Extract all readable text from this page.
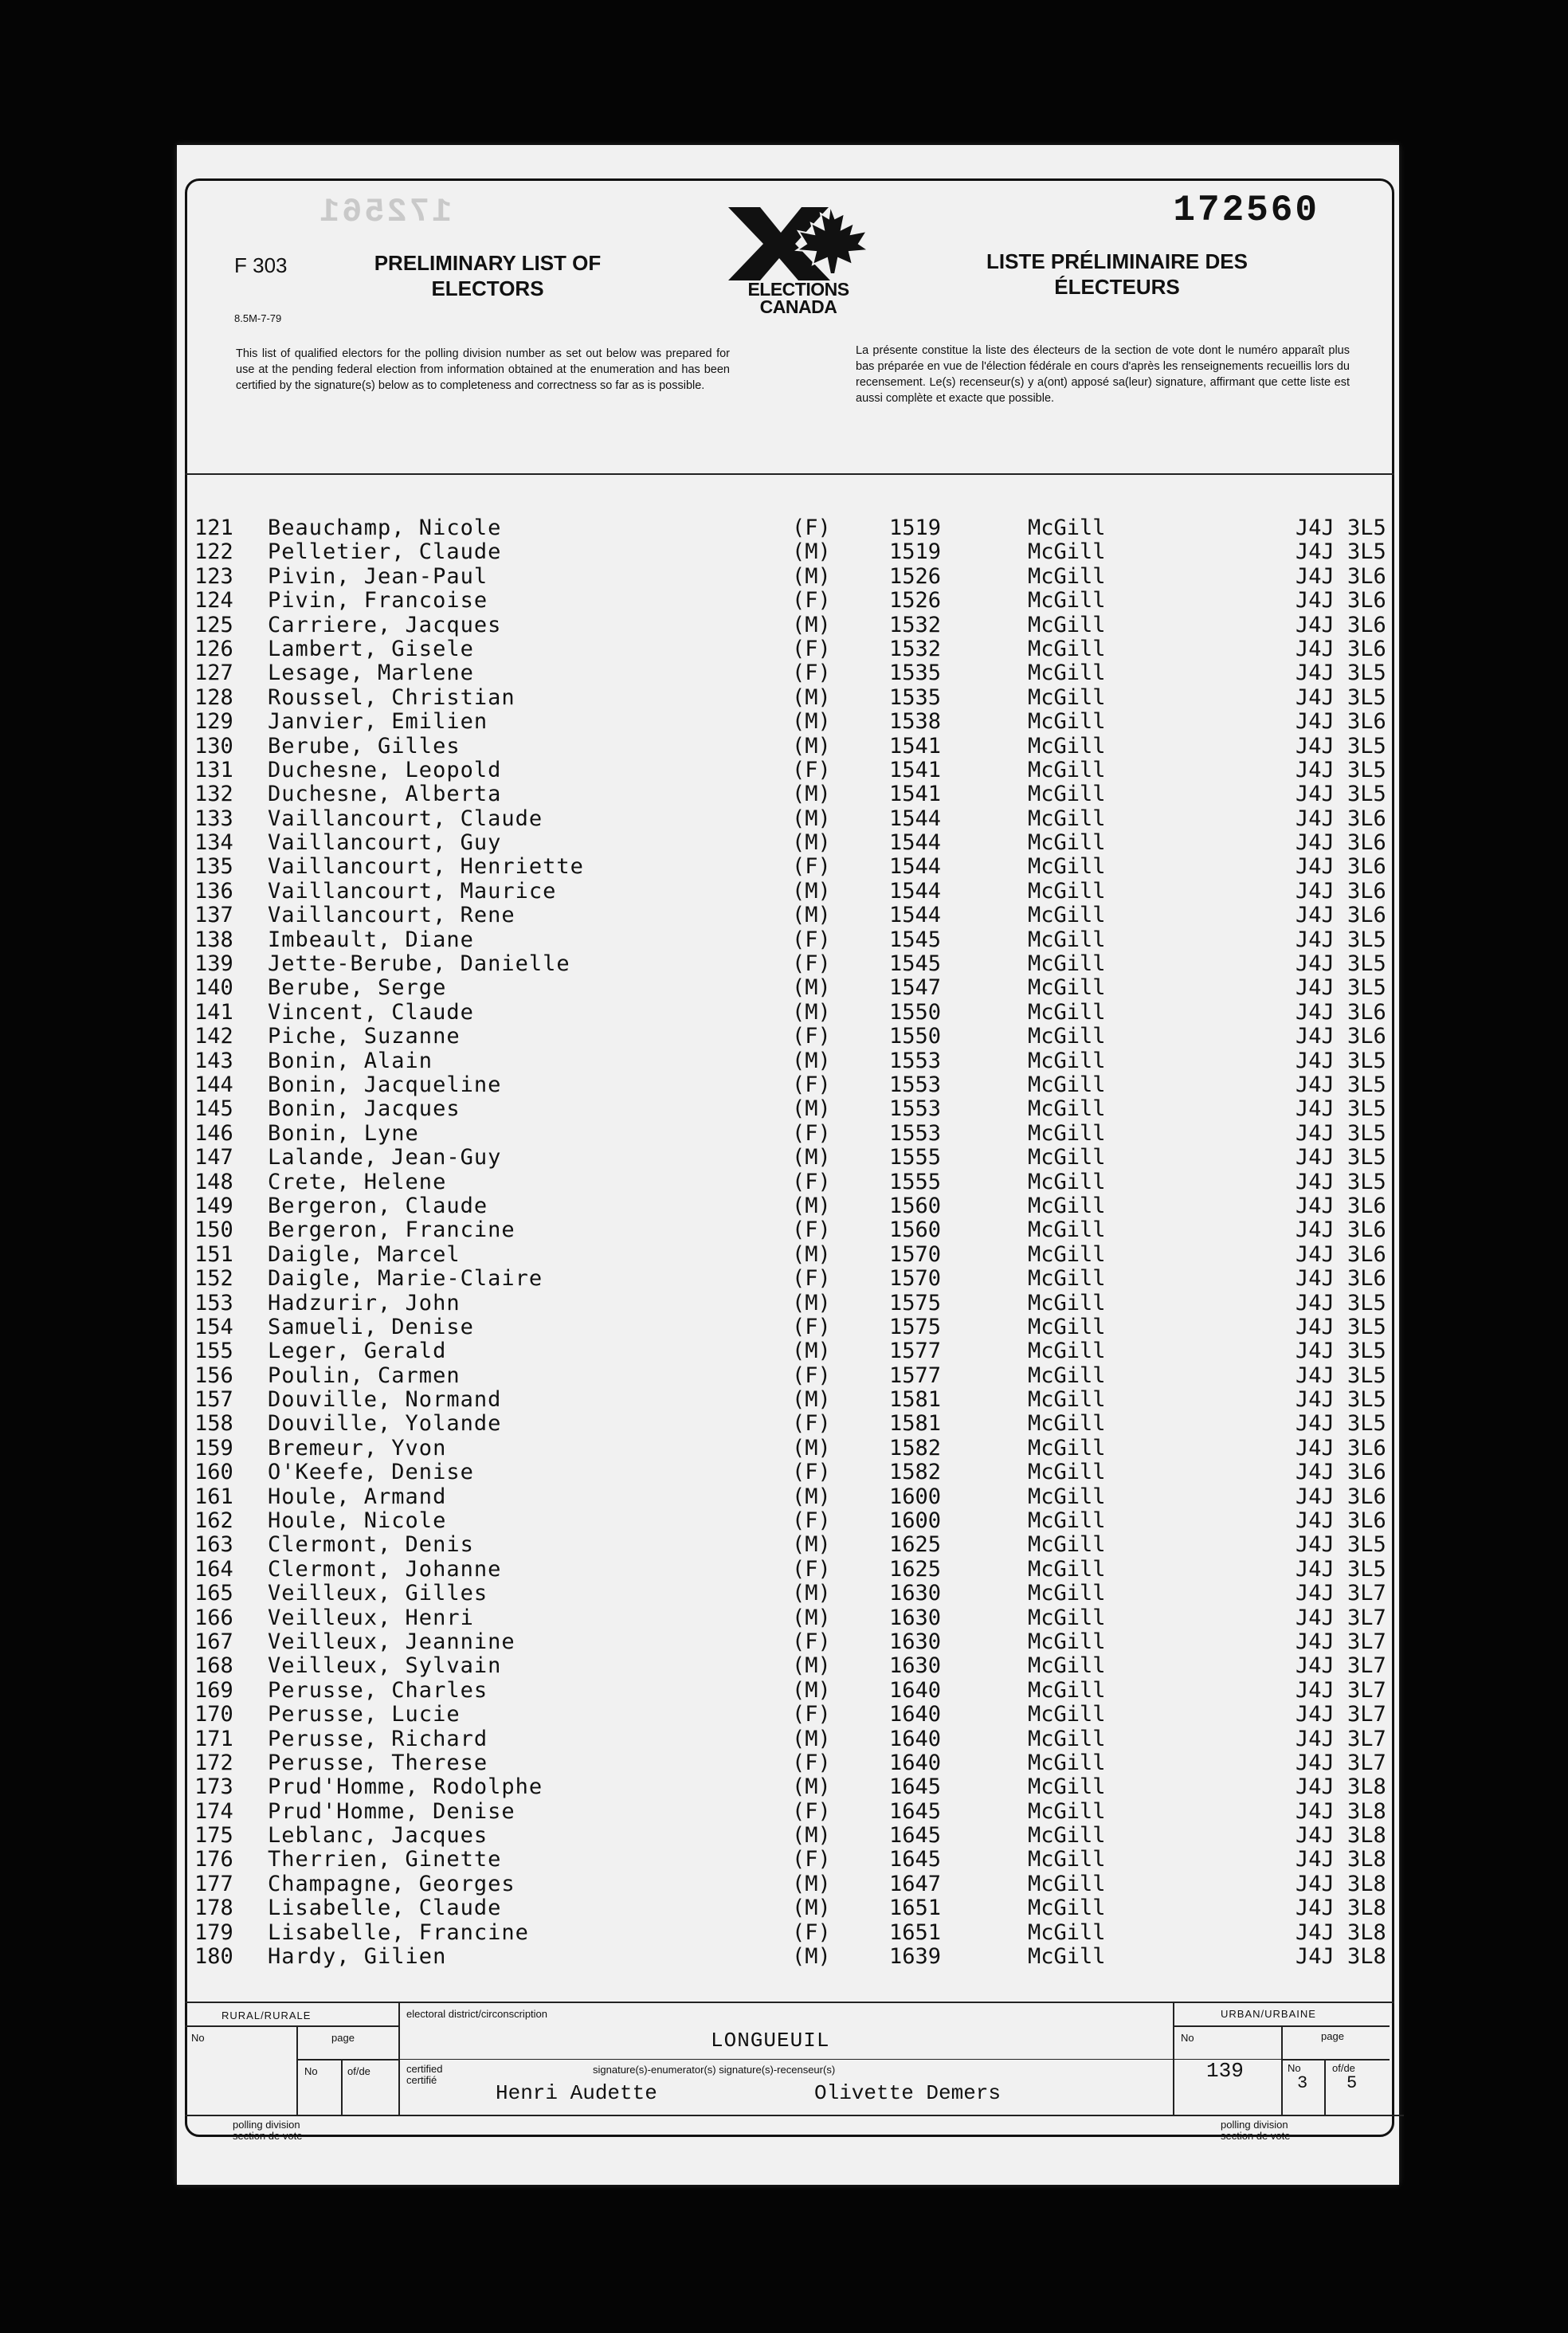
172561	172560
F 303
8.5M-7-79
PRELIMINARY LIST OF ELECTORS
LISTE PRÉLIMINAIRE DES ÉLECTEURS
ELECTIONS
CANADA
This list of qualified electors for the polling division number as set out below was prepared for use at the pending federal election from information obtained at the enumeration and has been certified by the signature(s) below as to completeness and correctness so far as is possible.
La présente constitue la liste des électeurs de la section de vote dont le numéro apparaît plus bas préparée en vue de l'élection fédérale en cours d'après les renseignements recueillis lors du recensement. Le(s) recenseur(s) y a(ont) apposé sa(leur) signature, affirmant que cette liste est aussi complète et exacte que possible.
121 Beauchamp, Nicole	(F)	1519	McGill	J4J 3L5
122 Pelletier, Claude	(M)	1519	McGill	J4J 3L5
123 Pivin, Jean-Paul	(M)	1526	McGill	J4J 3L6
124 Pivin, Francoise	(F)	1526	McGill	J4J 3L6
125 Carriere, Jacques	(M)	1532	McGill	J4J 3L6
126 Lambert, Gisele	(F)	1532	McGill	J4J 3L6
127 Lesage, Marlene	(F)	1535	McGill	J4J 3L5
128 Roussel, Christian	(M)	1535	McGill	J4J 3L5
129 Janvier, Emilien	(M)	1538	McGill	J4J 3L6
130 Berube, Gilles	(M)	1541	McGill	J4J 3L5
131 Duchesne, Leopold	(F)	1541	McGill	J4J 3L5
132 Duchesne, Alberta	(M)	1541	McGill	J4J 3L5
133 Vaillancourt, Claude	(M)	1544	McGill	J4J 3L6
134 Vaillancourt, Guy	(M)	1544	McGill	J4J 3L6
135 Vaillancourt, Henriette	(F)	1544	McGill	J4J 3L6
136 Vaillancourt, Maurice	(M)	1544	McGill	J4J 3L6
137 Vaillancourt, Rene	(M)	1544	McGill	J4J 3L6
138 Imbeault, Diane	(F)	1545	McGill	J4J 3L5
139 Jette-Berube, Danielle	(F)	1545	McGill	J4J 3L5
140 Berube, Serge	(M)	1547	McGill	J4J 3L5
141 Vincent, Claude	(M)	1550	McGill	J4J 3L6
142 Piche, Suzanne	(F)	1550	McGill	J4J 3L6
143 Bonin, Alain	(M)	1553	McGill	J4J 3L5
144 Bonin, Jacqueline	(F)	1553	McGill	J4J 3L5
145 Bonin, Jacques	(M)	1553	McGill	J4J 3L5
146 Bonin, Lyne	(F)	1553	McGill	J4J 3L5
147 Lalande, Jean-Guy	(M)	1555	McGill	J4J 3L5
148 Crete, Helene	(F)	1555	McGill	J4J 3L5
149 Bergeron, Claude	(M)	1560	McGill	J4J 3L6
150 Bergeron, Francine	(F)	1560	McGill	J4J 3L6
151 Daigle, Marcel	(M)	1570	McGill	J4J 3L6
152 Daigle, Marie-Claire	(F)	1570	McGill	J4J 3L6
153 Hadzurir, John	(M)	1575	McGill	J4J 3L5
154 Samueli, Denise	(F)	1575	McGill	J4J 3L5
155 Leger, Gerald	(M)	1577	McGill	J4J 3L5
156 Poulin, Carmen	(F)	1577	McGill	J4J 3L5
157 Douville, Normand	(M)	1581	McGill	J4J 3L5
158 Douville, Yolande	(F)	1581	McGill	J4J 3L5
159 Bremeur, Yvon	(M)	1582	McGill	J4J 3L6
160 O'Keefe, Denise	(F)	1582	McGill	J4J 3L6
161 Houle, Armand	(M)	1600	McGill	J4J 3L6
162 Houle, Nicole	(F)	1600	McGill	J4J 3L6
163 Clermont, Denis	(M)	1625	McGill	J4J 3L5
164 Clermont, Johanne	(F)	1625	McGill	J4J 3L5
165 Veilleux, Gilles	(M)	1630	McGill	J4J 3L7
166 Veilleux, Henri	(M)	1630	McGill	J4J 3L7
167 Veilleux, Jeannine	(F)	1630	McGill	J4J 3L7
168 Veilleux, Sylvain	(M)	1630	McGill	J4J 3L7
169 Perusse, Charles	(M)	1640	McGill	J4J 3L7
170 Perusse, Lucie	(F)	1640	McGill	J4J 3L7
171 Perusse, Richard	(M)	1640	McGill	J4J 3L7
172 Perusse, Therese	(F)	1640	McGill	J4J 3L7
173 Prud'Homme, Rodolphe	(M)	1645	McGill	J4J 3L8
174 Prud'Homme, Denise	(F)	1645	McGill	J4J 3L8
175 Leblanc, Jacques	(M)	1645	McGill	J4J 3L8
176 Therrien, Ginette	(F)	1645	McGill	J4J 3L8
177 Champagne, Georges	(M)	1647	McGill	J4J 3L8
178 Lisabelle, Claude	(M)	1651	McGill	J4J 3L8
179 Lisabelle, Francine	(F)	1651	McGill	J4J 3L8
180 Hardy, Gilien	(M)	1639	McGill	J4J 3L8
RURAL/RURALE
No	page
No	of/de
polling division section de vote
electoral district/circonscription
LONGUEUIL
certified certifié
signature(s)-enumerator(s) signature(s)-recenseur(s)
Henri Audette	Olivette Demers
URBAN/URBAINE
No	page
139	No
3
of/de
5
polling division section de vote
